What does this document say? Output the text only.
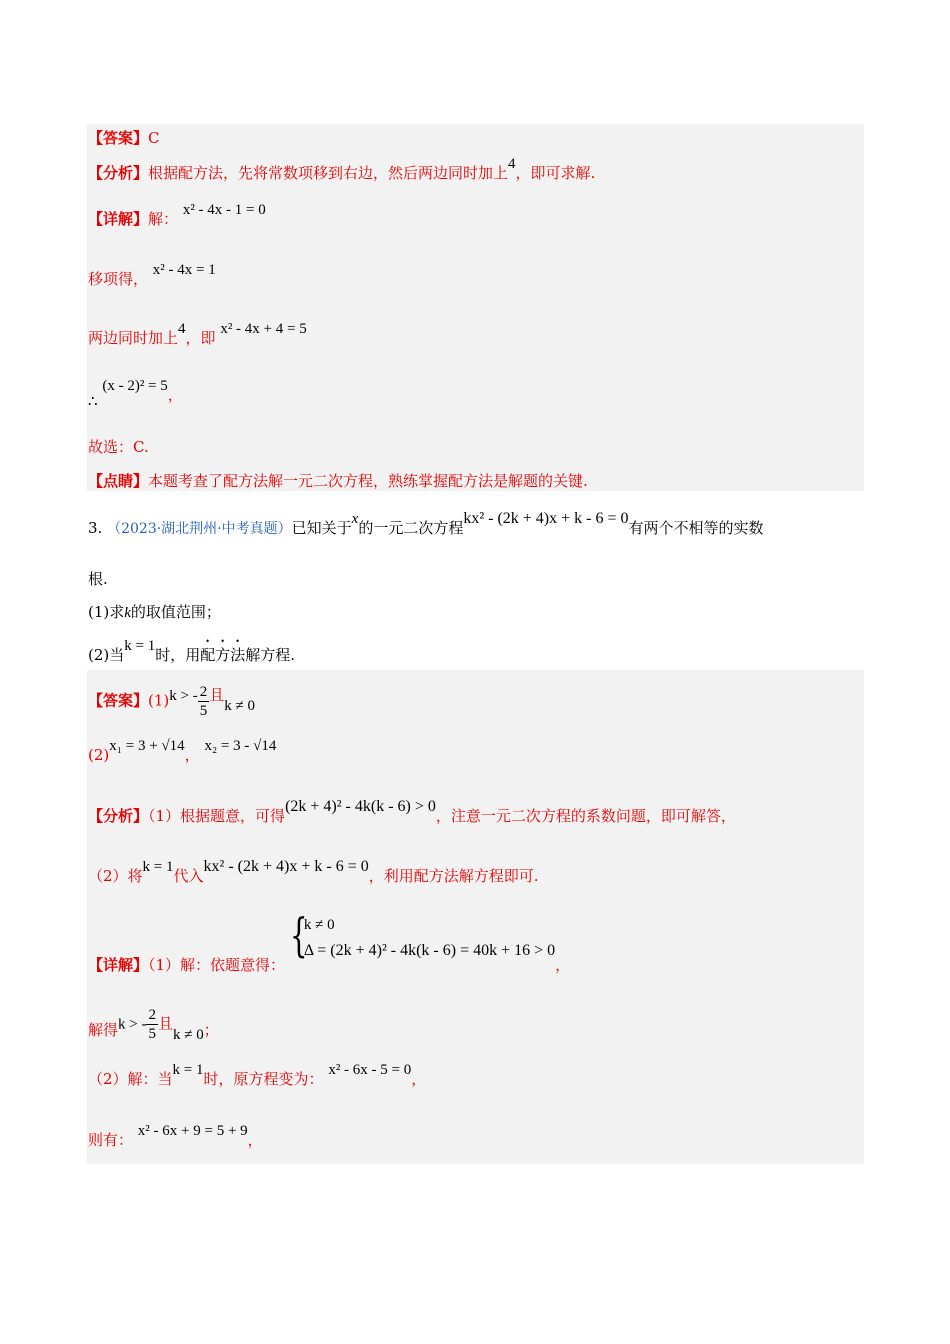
【答案】C
【分析】根据配方法，先将常数项移到右边，然后两边同时加上4，即可求解.
【详解】解： x² - 4x - 1 = 0
移项得， x² - 4x = 1
两边同时加上4，即 x² - 4x + 4 = 5
∴ (x - 2)² = 5，
故选：C.
【点睛】本题考查了配方法解一元二次方程，熟练掌握配方法是解题的关键.
3. （2023·湖北荆州·中考真题）已知关于x的一元二次方程kx² - (2k + 4)x + k - 6 = 0有两个不相等的实数
根.
(1)求k的取值范围；
(2)当k = 1时，用配方法解方程.
【答案】(1)k > - $\frac{2}{5}$ 且k ≠ 0
(2)x₁ = 3 + √14， x₂ = 3 - √14
【分析】（1）根据题意，可得(2k + 4)² - 4k(k - 6) > 0，注意一元二次方程的系数问题，即可解答，
（2）将k = 1代入kx² - (2k + 4)x + k - 6 = 0，利用配方法解方程即可.
【详解】（1）解：依题意得：
{
k ≠ 0
Δ = (2k + 4)² - 4k(k - 6) = 40k + 16 > 0
，
解得k > - $\frac{2}{5}$ 且k ≠ 0；
（2）解：当k = 1时，原方程变为： x² - 6x - 5 = 0，
则有： x² - 6x + 9 = 5 + 9，
